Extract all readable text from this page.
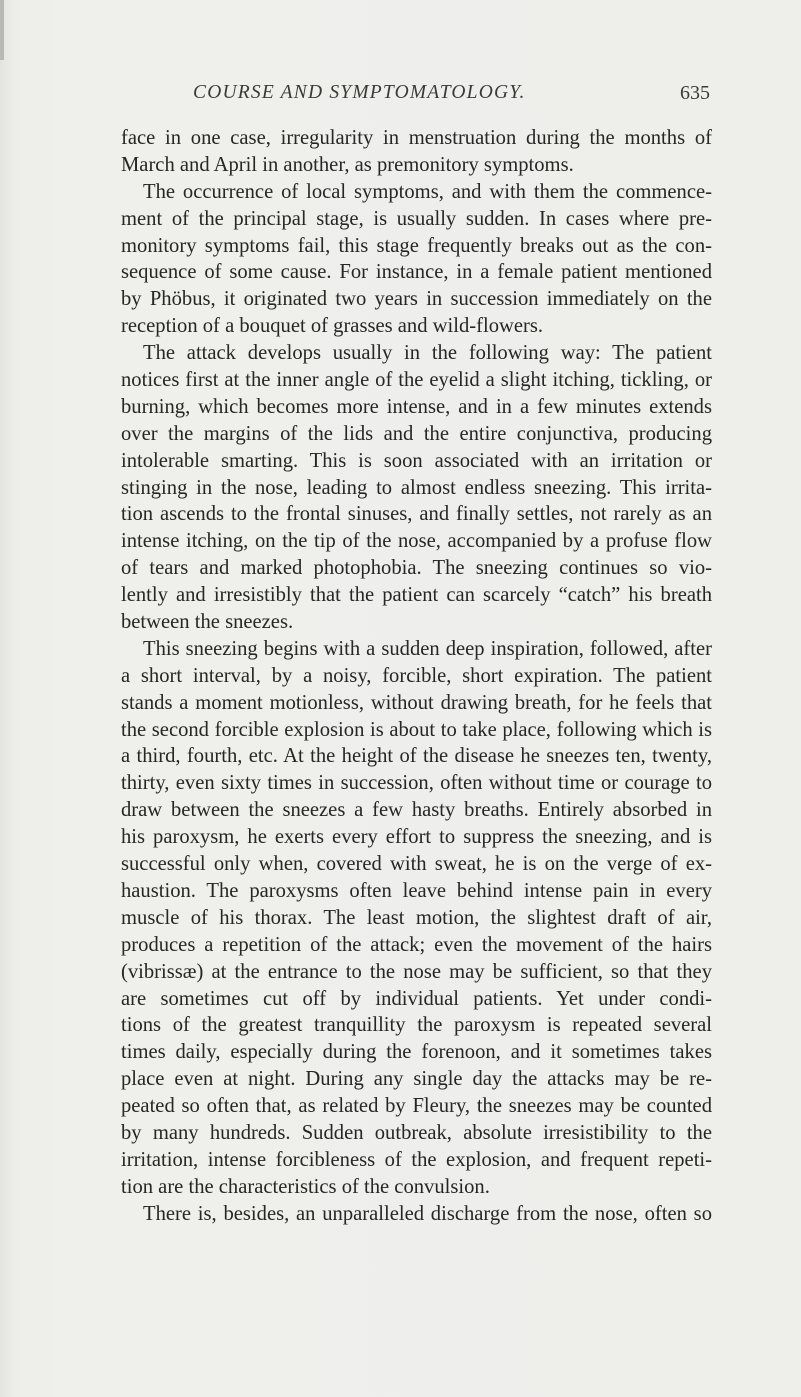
COURSE AND SYMPTOMATOLOGY.	635
face in one case, irregularity in menstruation during the months of
March and April in another, as premonitory symptoms.
The occurrence of local symptoms, and with them the commence-
ment of the principal stage, is usually sudden. In cases where pre-
monitory symptoms fail, this stage frequently breaks out as the con-
sequence of some cause. For instance, in a female patient mentioned
by Phöbus, it originated two years in succession immediately on the
reception of a bouquet of grasses and wild-flowers.
The attack develops usually in the following way: The patient
notices first at the inner angle of the eyelid a slight itching, tickling, or
burning, which becomes more intense, and in a few minutes extends
over the margins of the lids and the entire conjunctiva, producing
intolerable smarting. This is soon associated with an irritation or
stinging in the nose, leading to almost endless sneezing. This irrita-
tion ascends to the frontal sinuses, and finally settles, not rarely as an
intense itching, on the tip of the nose, accompanied by a profuse flow
of tears and marked photophobia. The sneezing continues so vio-
lently and irresistibly that the patient can scarcely “catch” his breath
between the sneezes.
This sneezing begins with a sudden deep inspiration, followed, after
a short interval, by a noisy, forcible, short expiration. The patient
stands a moment motionless, without drawing breath, for he feels that
the second forcible explosion is about to take place, following which is
a third, fourth, etc. At the height of the disease he sneezes ten, twenty,
thirty, even sixty times in succession, often without time or courage to
draw between the sneezes a few hasty breaths. Entirely absorbed in
his paroxysm, he exerts every effort to suppress the sneezing, and is
successful only when, covered with sweat, he is on the verge of ex-
haustion. The paroxysms often leave behind intense pain in every
muscle of his thorax. The least motion, the slightest draft of air,
produces a repetition of the attack; even the movement of the hairs
(vibrissæ) at the entrance to the nose may be sufficient, so that they
are sometimes cut off by individual patients. Yet under condi-
tions of the greatest tranquillity the paroxysm is repeated several
times daily, especially during the forenoon, and it sometimes takes
place even at night. During any single day the attacks may be re-
peated so often that, as related by Fleury, the sneezes may be counted
by many hundreds. Sudden outbreak, absolute irresistibility to the
irritation, intense forcibleness of the explosion, and frequent repeti-
tion are the characteristics of the convulsion.
There is, besides, an unparalleled discharge from the nose, often so
